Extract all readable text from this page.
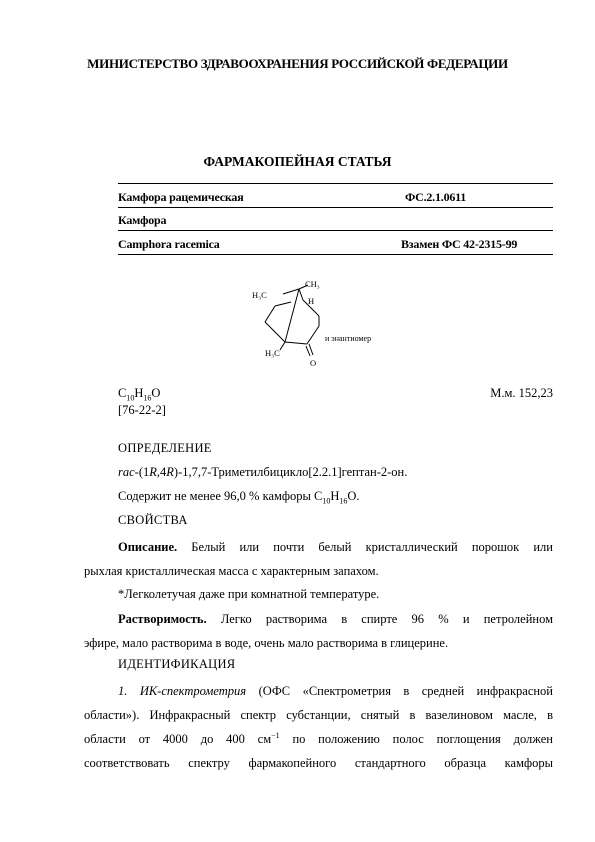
МИНИСТЕРСТВО ЗДРАВООХРАНЕНИЯ РОССИЙСКОЙ ФЕДЕРАЦИИ
ФАРМАКОПЕЙНАЯ СТАТЬЯ
Камфора рацемическая	ФС.2.1.0611
Камфора
Camphora racemica	Взамен ФС 42-2315-99
H₃C
CH₃
H
H₃C
O
и энантиомер
$C_{10}H_{16}O$
[76-22-2]
М.м. 152,23
ОПРЕДЕЛЕНИЕ
rac-(1R,4R)-1,7,7-Триметилбицикло[2.2.1]гептан-2-он.
Содержит не менее 96,0 % камфоры $C_{10}H_{16}O$.
СВОЙСТВА
Описание. Белый или почти белый кристаллический порошок или
рыхлая кристаллическая масса с характерным запахом.
*Легколетучая даже при комнатной температуре.
Растворимость. Легко растворима в спирте 96 % и петролейном
эфире, мало растворима в воде, очень мало растворима в глицерине.
ИДЕНТИФИКАЦИЯ
1. ИК-спектрометрия (ОФС «Спектрометрия в средней инфракрасной
области»). Инфракрасный спектр субстанции, снятый в вазелиновом масле, в
области от 4000 до 400 $см^{-1}$ по положению полос поглощения должен
соответствовать спектру фармакопейного стандартного образца камфоры
